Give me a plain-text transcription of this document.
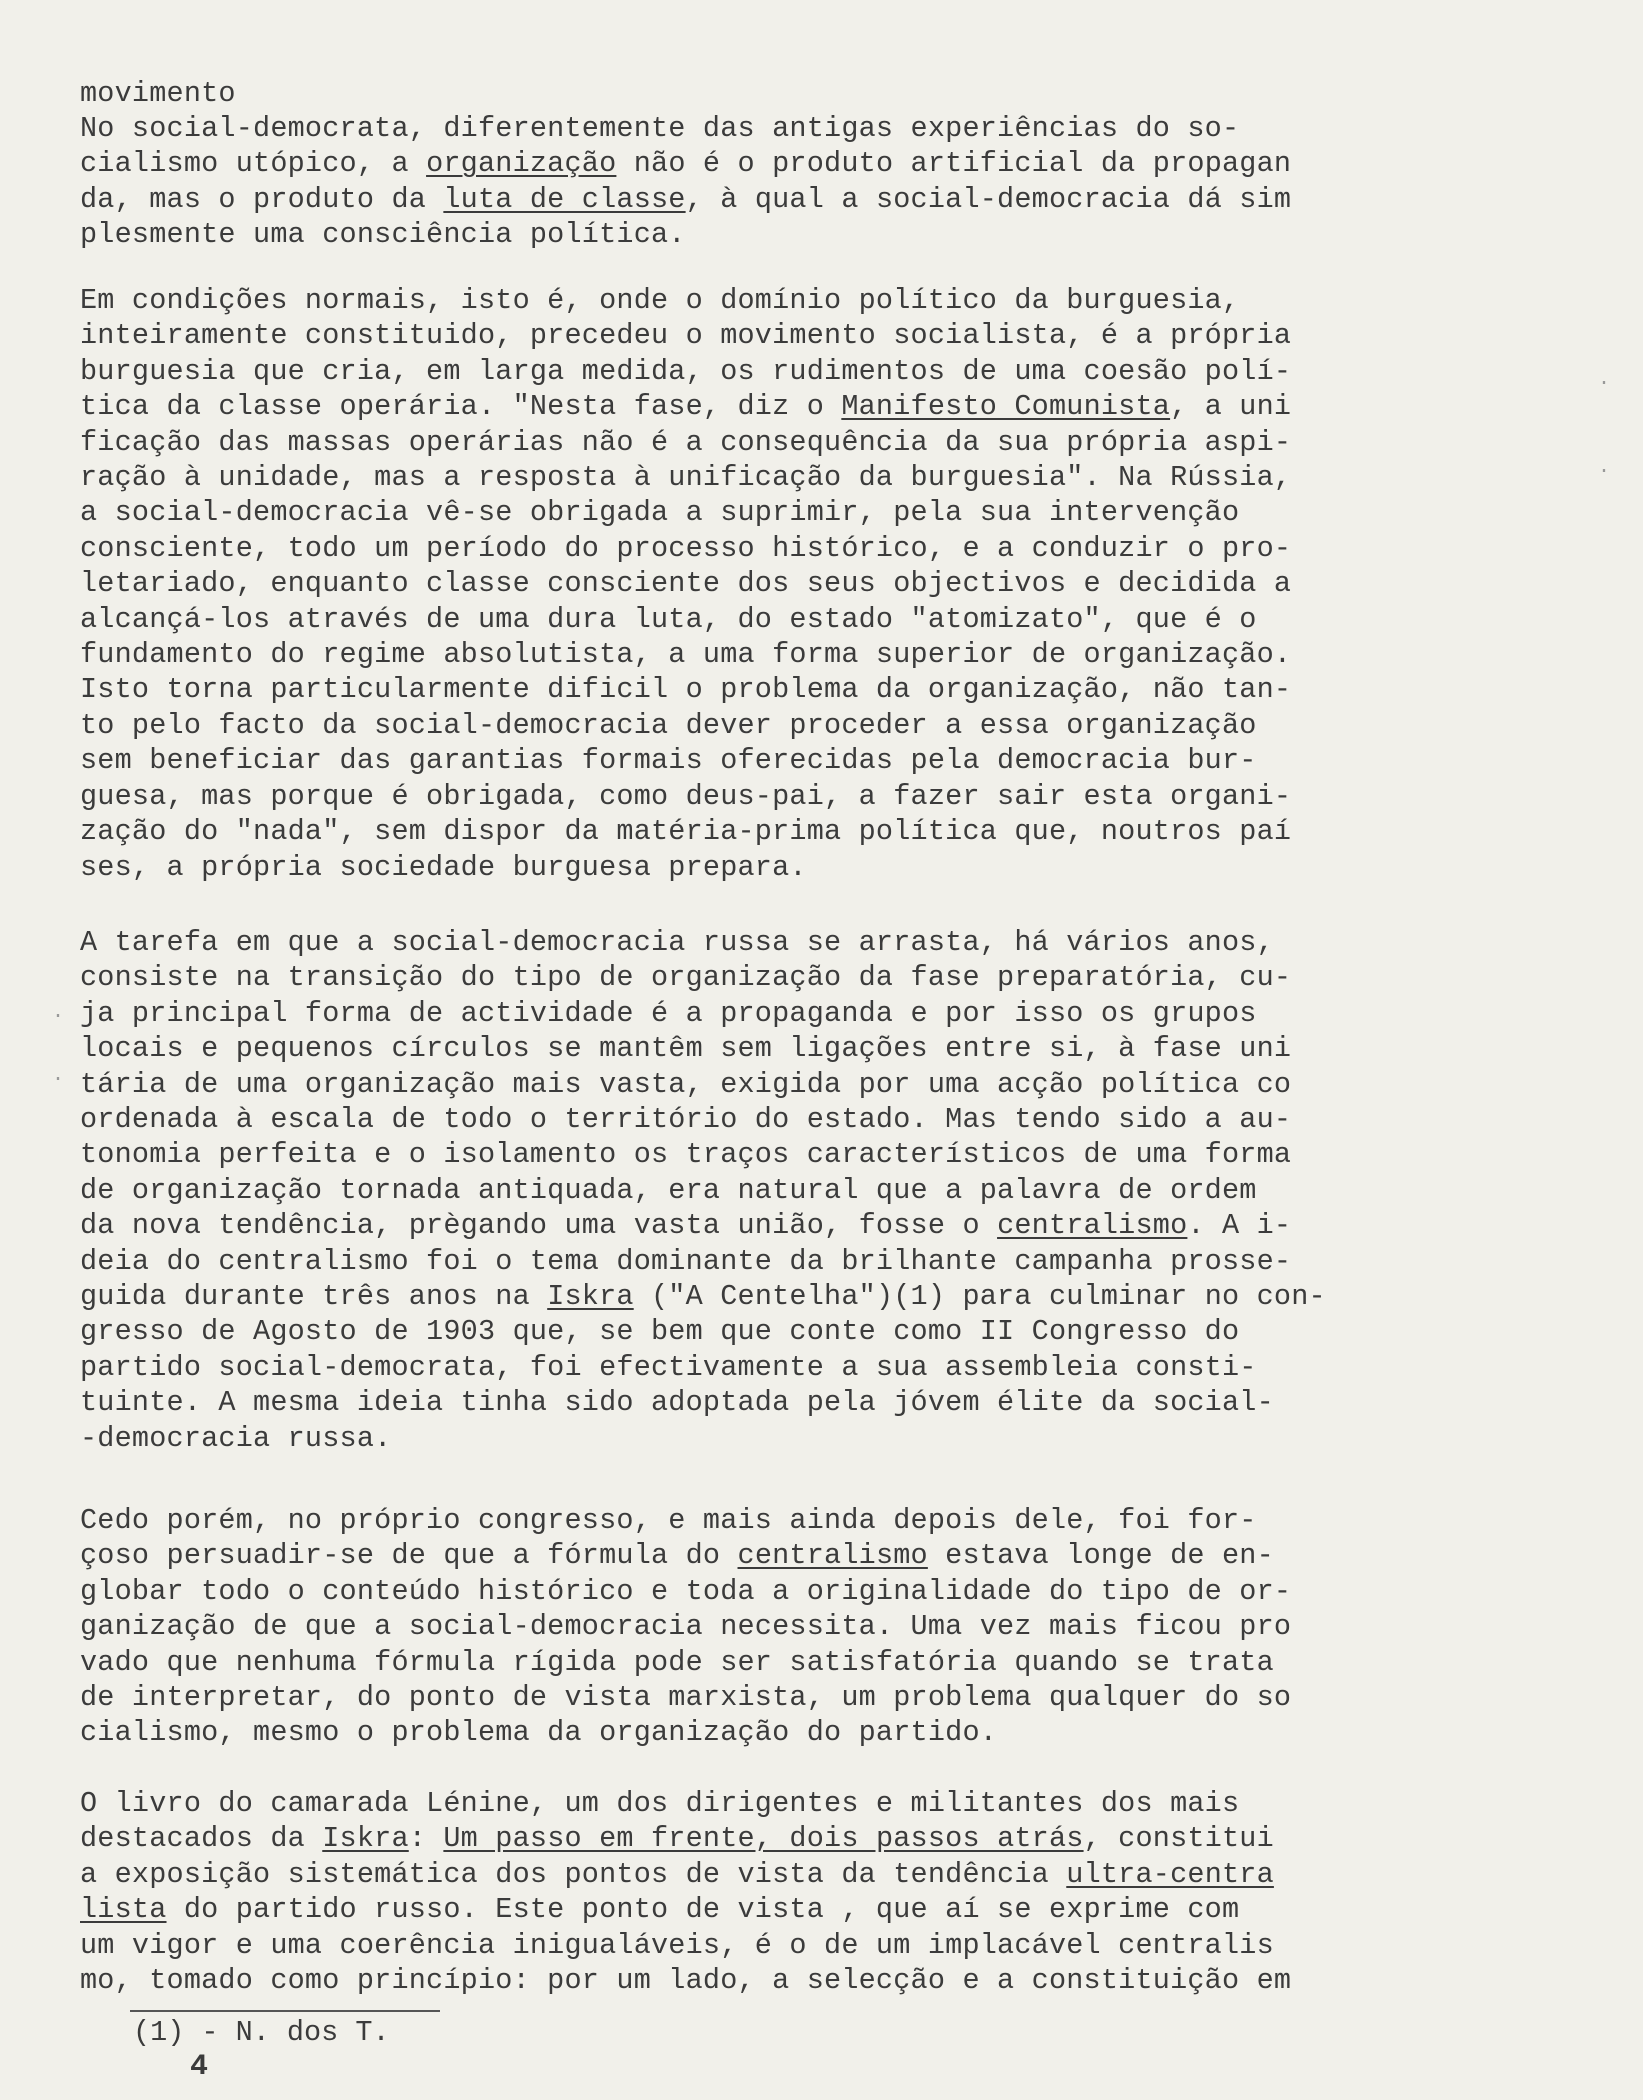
movimento
No social-democrata, diferentemente das antigas experiências do so-
cialismo utópico, a organização não é o produto artificial da propagan
da, mas o produto da luta de classe, à qual a social-democracia dá sim
plesmente uma consciência política.
Em condições normais, isto é, onde o domínio político da burguesia,
inteiramente constituido, precedeu o movimento socialista, é a própria
burguesia que cria, em larga medida, os rudimentos de uma coesão polí-
tica da classe operária. "Nesta fase, diz o Manifesto Comunista, a uni
ficação das massas operárias não é a consequência da sua própria aspi-
ração à unidade, mas a resposta à unificação da burguesia". Na Rússia,
a social-democracia vê-se obrigada a suprimir, pela sua intervenção
consciente, todo um período do processo histórico, e a conduzir o pro-
letariado, enquanto classe consciente dos seus objectivos e decidida a
alcançá-los através de uma dura luta, do estado "atomizato", que é o
fundamento do regime absolutista, a uma forma superior de organização.
Isto torna particularmente dificil o problema da organização, não tan-
to pelo facto da social-democracia dever proceder a essa organização
sem beneficiar das garantias formais oferecidas pela democracia bur-
guesa, mas porque é obrigada, como deus-pai, a fazer sair esta organi-
zação do "nada", sem dispor da matéria-prima política que, noutros paí
ses, a própria sociedade burguesa prepara.
A tarefa em que a social-democracia russa se arrasta, há vários anos,
consiste na transição do tipo de organização da fase preparatória, cu-
ja principal forma de actividade é a propaganda e por isso os grupos
locais e pequenos círculos se mantêm sem ligações entre si, à fase uni
tária de uma organização mais vasta, exigida por uma acção política co
ordenada à escala de todo o território do estado. Mas tendo sido a au-
tonomia perfeita e o isolamento os traços característicos de uma forma
de organização tornada antiquada, era natural que a palavra de ordem
da nova tendência, prègando uma vasta união, fosse o centralismo. A i-
deia do centralismo foi o tema dominante da brilhante campanha prosse-
guida durante três anos na Iskra ("A Centelha")(1) para culminar no con-
gresso de Agosto de 1903 que, se bem que conte como II Congresso do
partido social-democrata, foi efectivamente a sua assembleia consti-
tuinte. A mesma ideia tinha sido adoptada pela jóvem élite da social-
-democracia russa.
Cedo porém, no próprio congresso, e mais ainda depois dele, foi for-
çoso persuadir-se de que a fórmula do centralismo estava longe de en-
globar todo o conteúdo histórico e toda a originalidade do tipo de or-
ganização de que a social-democracia necessita. Uma vez mais ficou pro
vado que nenhuma fórmula rígida pode ser satisfatória quando se trata
de interpretar, do ponto de vista marxista, um problema qualquer do so
cialismo, mesmo o problema da organização do partido.
O livro do camarada Lénine, um dos dirigentes e militantes dos mais
destacados da Iskra: Um passo em frente, dois passos atrás, constitui
a exposição sistemática dos pontos de vista da tendência ultra-centra
lista do partido russo. Este ponto de vista , que aí se exprime com
um vigor e uma coerência inigualáveis, é o de um implacável centralis
mo, tomado como princípio: por um lado, a selecção e a constituição em
(1) - N. dos T.
4
·
·
·
·
